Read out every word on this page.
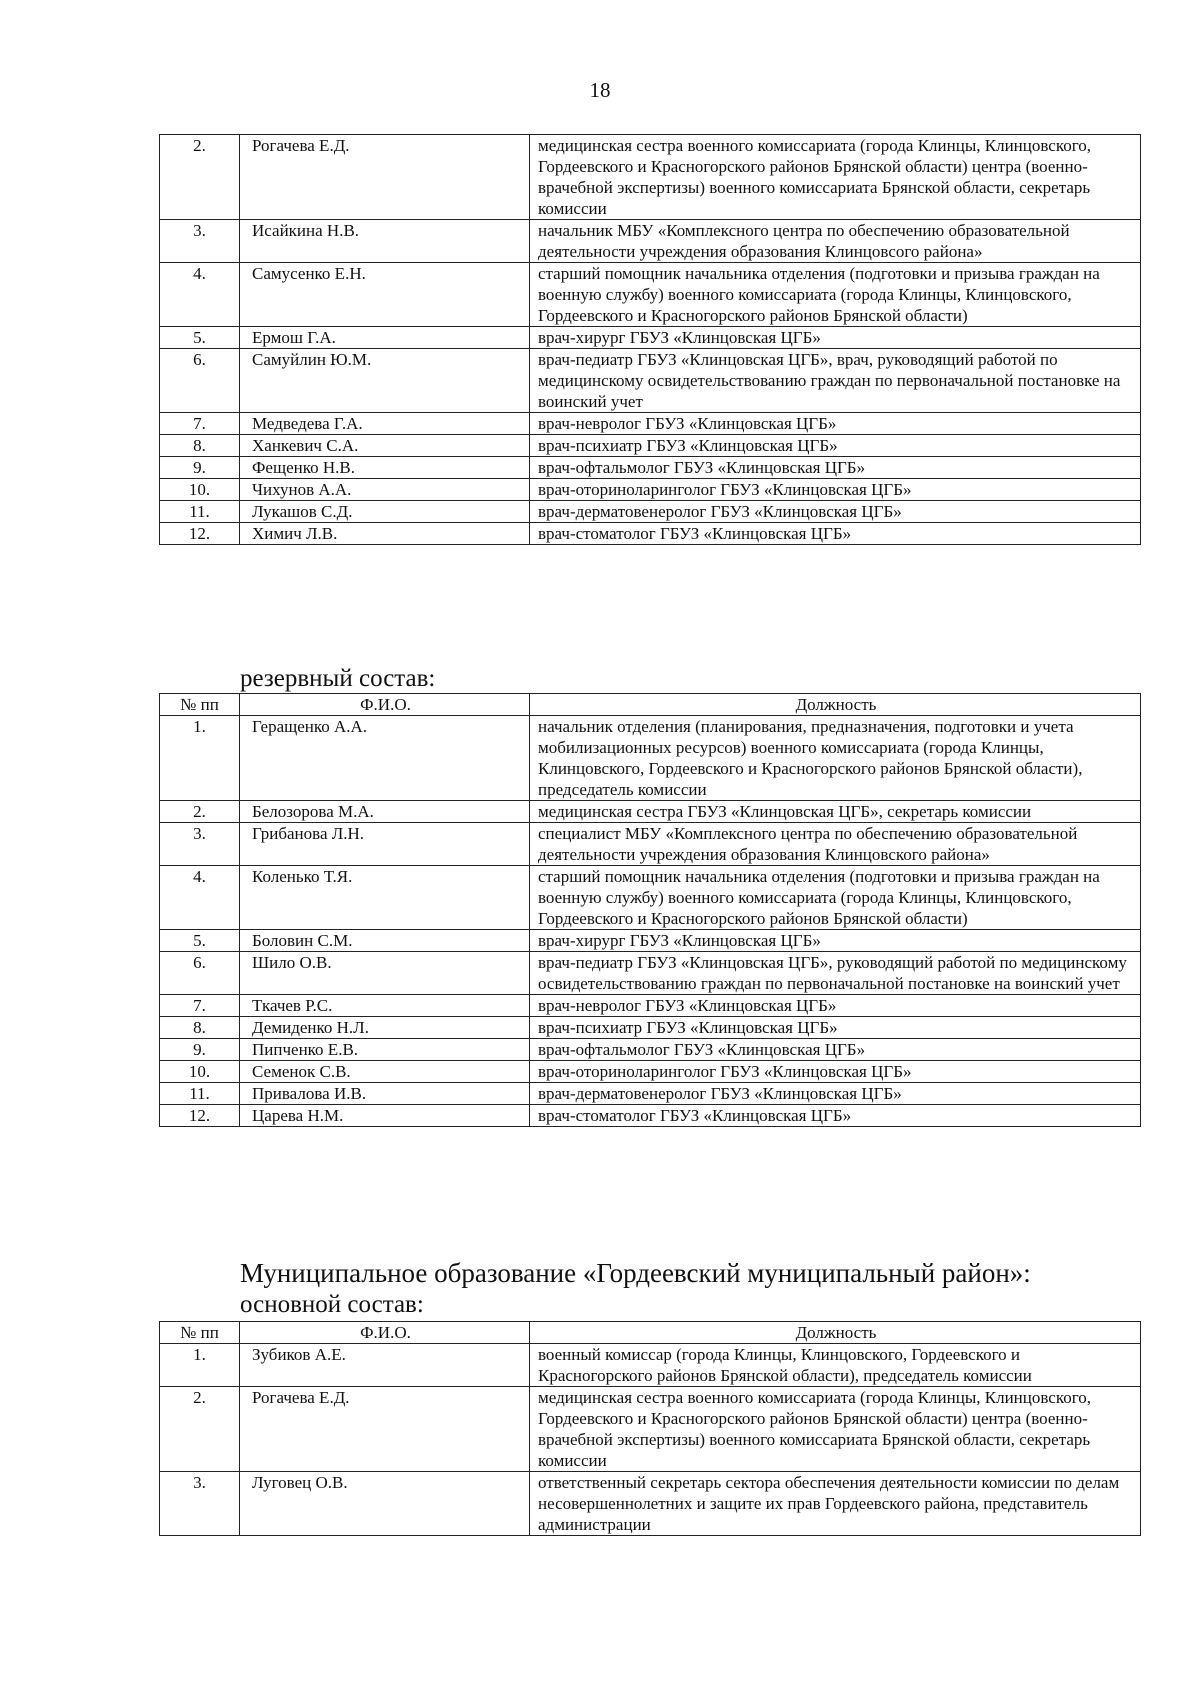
18
2.	Рогачева Е.Д.	медицинская сестра военного комиссариата (города Клинцы, Клинцовского, Гордеевского и Красногорского районов Брянской области) центра (военно-врачебной экспертизы) военного комиссариата Брянской области, секретарь комиссии
3.	Исайкина Н.В.	начальник МБУ «Комплексного центра по обеспечению образовательной деятельности учреждения образования Клинцовсого района»
4.	Самусенко Е.Н.	старший помощник начальника отделения (подготовки и призыва граждан на военную службу) военного комиссариата (города Клинцы, Клинцовского, Гордеевского и Красногорского районов Брянской области)
5.	Ермош Г.А.	врач-хирург ГБУЗ «Клинцовская ЦГБ»
6.	Самуйлин Ю.М.	врач-педиатр ГБУЗ «Клинцовская ЦГБ», врач, руководящий работой по медицинскому освидетельствованию граждан по первоначальной постановке на воинский учет
7.	Медведева Г.А.	врач-невролог ГБУЗ «Клинцовская ЦГБ»
8.	Ханкевич С.А.	врач-психиатр ГБУЗ «Клинцовская ЦГБ»
9.	Фещенко Н.В.	врач-офтальмолог ГБУЗ «Клинцовская ЦГБ»
10.	Чихунов А.А.	врач-оториноларинголог ГБУЗ «Клинцовская ЦГБ»
11.	Лукашов С.Д.	врач-дерматовенеролог ГБУЗ «Клинцовская ЦГБ»
12.	Химич Л.В.	врач-стоматолог ГБУЗ «Клинцовская ЦГБ»
резервный состав:
№ пп	Ф.И.О.	Должность
1.	Геращенко А.А.	начальник отделения (планирования, предназначения, подготовки и учета мобилизационных ресурсов) военного комиссариата (города Клинцы, Клинцовского, Гордеевского и Красногорского районов Брянской области), председатель комиссии
2.	Белозорова М.А.	медицинская сестра ГБУЗ «Клинцовская ЦГБ», секретарь комиссии
3.	Грибанова Л.Н.	специалист МБУ «Комплексного центра по обеспечению образовательной деятельности учреждения образования Клинцовского района»
4.	Коленько Т.Я.	старший помощник начальника отделения (подготовки и призыва граждан на военную службу) военного комиссариата (города Клинцы, Клинцовского, Гордеевского и Красногорского районов Брянской области)
5.	Боловин С.М.	врач-хирург ГБУЗ «Клинцовская ЦГБ»
6.	Шило О.В.	врач-педиатр ГБУЗ «Клинцовская ЦГБ», руководящий работой по медицинскому освидетельствованию граждан по первоначальной постановке на воинский учет
7.	Ткачев Р.С.	врач-невролог ГБУЗ «Клинцовская ЦГБ»
8.	Демиденко Н.Л.	врач-психиатр ГБУЗ «Клинцовская ЦГБ»
9.	Пипченко Е.В.	врач-офтальмолог ГБУЗ «Клинцовская ЦГБ»
10.	Семенок С.В.	врач-оториноларинголог ГБУЗ «Клинцовская ЦГБ»
11.	Привалова И.В.	врач-дерматовенеролог ГБУЗ «Клинцовская ЦГБ»
12.	Царева Н.М.	врач-стоматолог ГБУЗ «Клинцовская ЦГБ»
Муниципальное образование «Гордеевский муниципальный район»:
основной состав:
№ пп	Ф.И.О.	Должность
1.	Зубиков А.Е.	военный комиссар (города Клинцы, Клинцовского, Гордеевского и Красногорского районов Брянской области), председатель комиссии
2.	Рогачева Е.Д.	медицинская сестра военного комиссариата (города Клинцы, Клинцовского, Гордеевского и Красногорского районов Брянской области) центра (военно-врачебной экспертизы) военного комиссариата Брянской области, секретарь комиссии
3.	Луговец О.В.	ответственный секретарь сектора обеспечения деятельности комиссии по делам несовершеннолетних и защите их прав Гордеевского района, представитель администрации
